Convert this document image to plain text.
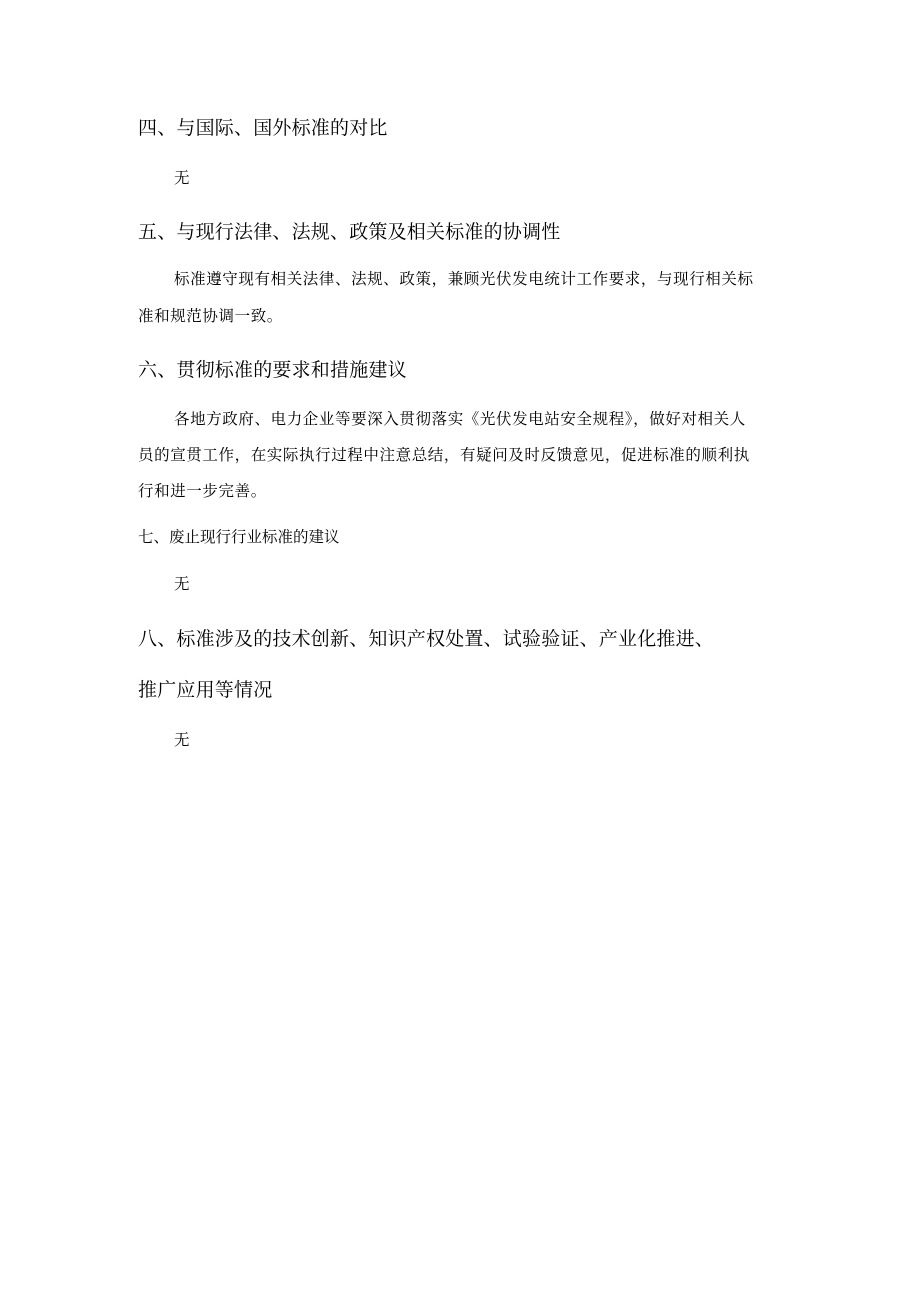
四、与国际、国外标准的对比
无
五、与现行法律、法规、政策及相关标准的协调性
标准遵守现有相关法律、法规、政策，兼顾光伏发电统计工作要求，与现行相关标
准和规范协调一致。
六、贯彻标准的要求和措施建议
各地方政府、电力企业等要深入贯彻落实《光伏发电站安全规程》，做好对相关人
员的宣贯工作，在实际执行过程中注意总结，有疑问及时反馈意见，促进标准的顺利执
行和进一步完善。
七、废止现行行业标准的建议
无
八、标准涉及的技术创新、知识产权处置、试验验证、产业化推进、
推广应用等情况
无
